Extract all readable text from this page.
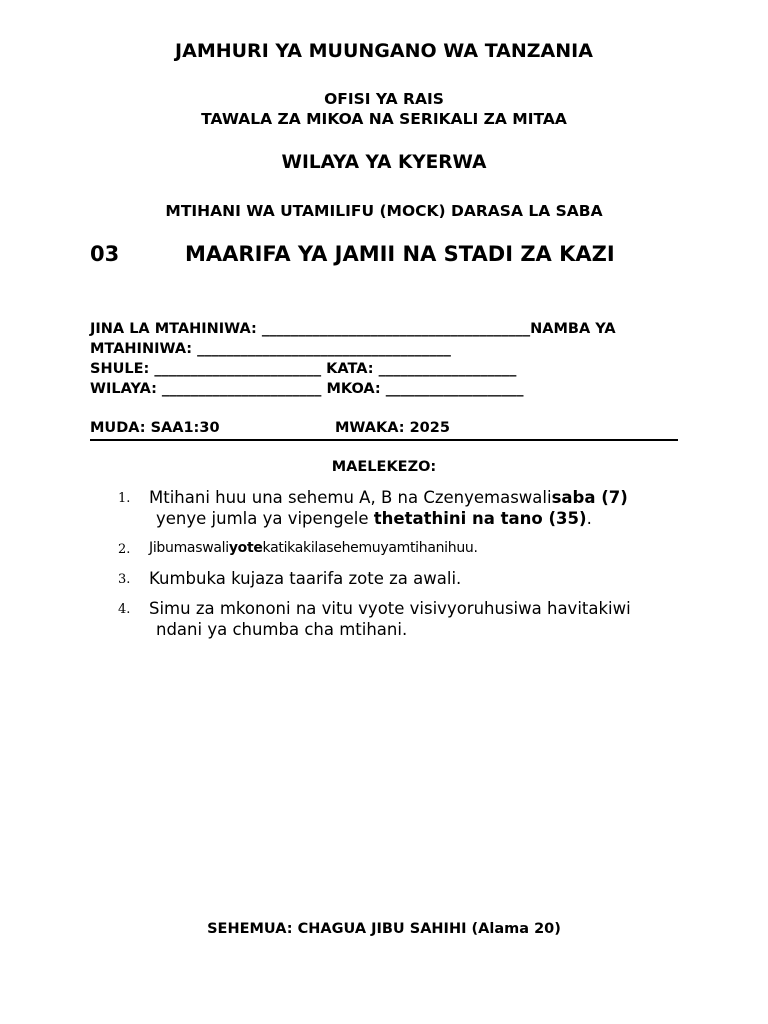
JAMHURI YA MUUNGANO WA TANZANIA
OFISI YA RAIS
TAWALA ZA MIKOA NA SERIKALI ZA MITAA
WILAYA YA KYERWA
MTIHANI WA UTAMILIFU (MOCK) DARASA LA SABA
03	MAARIFA YA JAMII NA STADI ZA KAZI
JINA LA MTAHINIWA: _____________________________________NAMBA YA
MTAHINIWA: ___________________________________
SHULE: _______________________ KATA: ___________________
WILAYA: ______________________ MKOA: ___________________
MUDA: SAA1:30	MWAKA: 2025
MAELEKEZO:
1. Mtihani huu una sehemu A, B na Czenyemaswalisaba (7)
yenye jumla ya vipengele thetathini na tano (35).
2. Jibumaswaliyotekatikakilasehemuyamtihanihuu.
3. Kumbuka kujaza taarifa zote za awali.
4. Simu za mkononi na vitu vyote visivyoruhusiwa havitakiwi
ndani ya chumba cha mtihani.
SEHEMUA: CHAGUA JIBU SAHIHI (Alama 20)
